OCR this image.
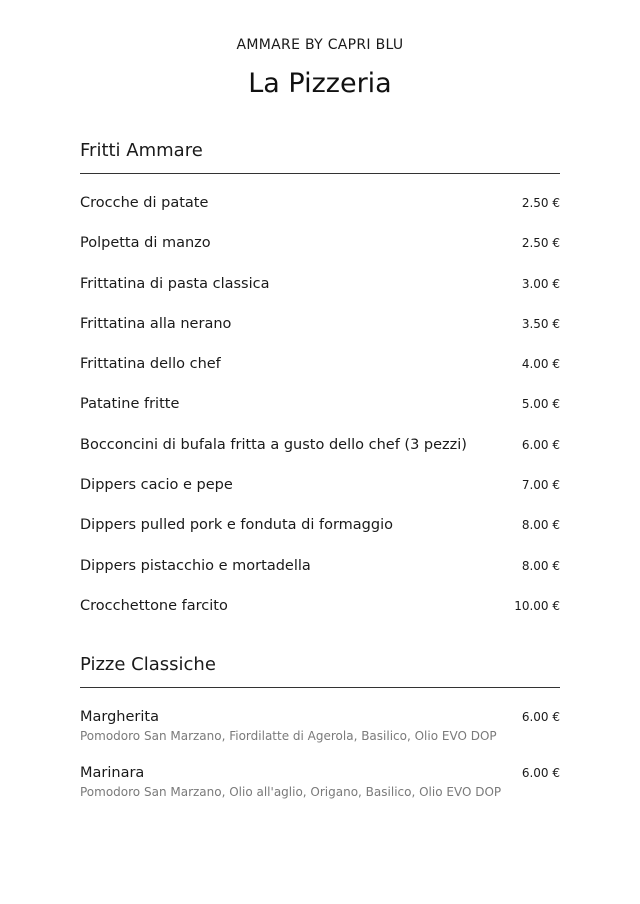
AMMARE BY CAPRI BLU
La Pizzeria
Fritti Ammare
Crocche di patate	2.50 €
Polpetta di manzo	2.50 €
Frittatina di pasta classica	3.00 €
Frittatina alla nerano	3.50 €
Frittatina dello chef	4.00 €
Patatine fritte	5.00 €
Bocconcini di bufala fritta a gusto dello chef (3 pezzi)	6.00 €
Dippers cacio e pepe	7.00 €
Dippers pulled pork e fonduta di formaggio	8.00 €
Dippers pistacchio e mortadella	8.00 €
Crocchettone farcito	10.00 €
Pizze Classiche
Margherita	6.00 €
Pomodoro San Marzano, Fiordilatte di Agerola, Basilico, Olio EVO DOP
Marinara	6.00 €
Pomodoro San Marzano, Olio all'aglio, Origano, Basilico, Olio EVO DOP
